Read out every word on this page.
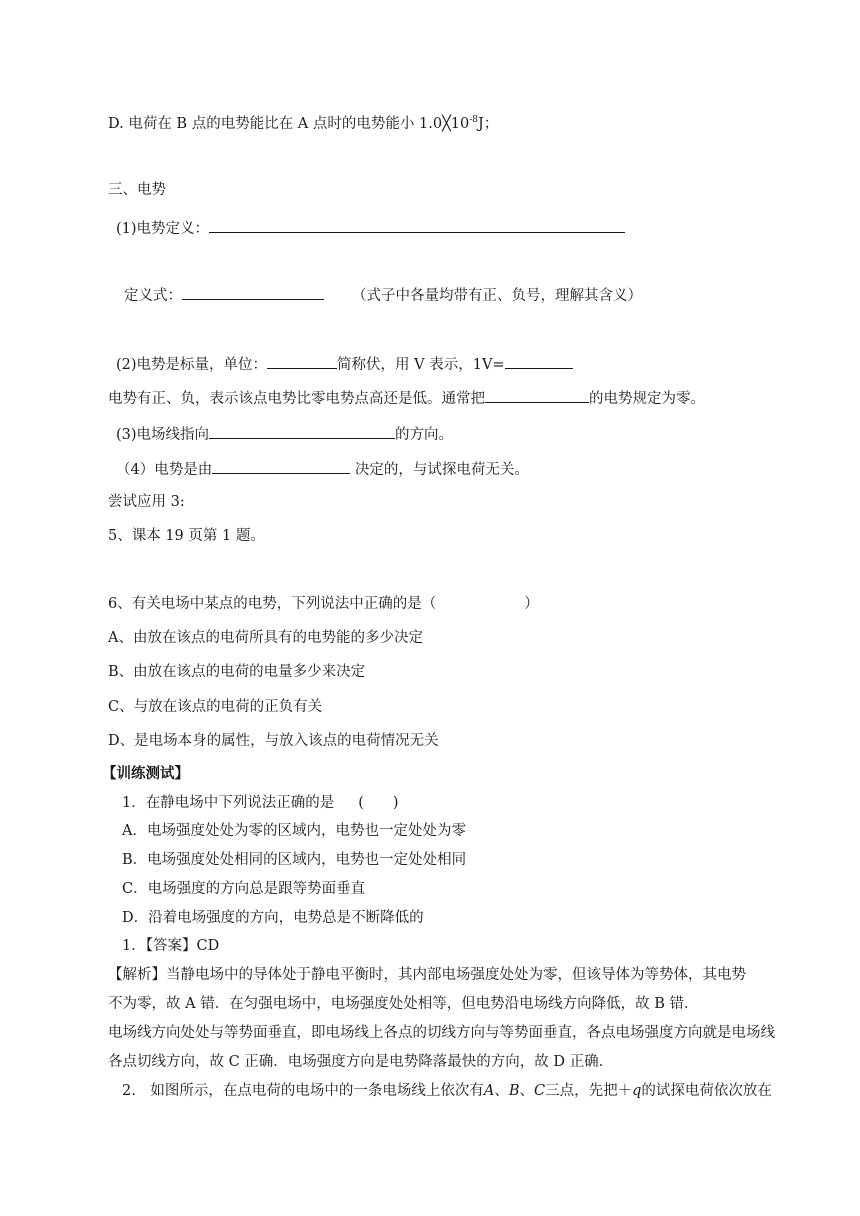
D. 电荷在 B 点的电势能比在 A 点时的电势能小 $1.0╳10^{-8}J$；
三、电势
(1)电势定义：
定义式：	（式子中各量均带有正、负号，理解其含义）
(2)电势是标量，单位：	简称伏，用 V 表示，1V=
电势有正、负，表示该点电势比零电势点高还是低。通常把	的电势规定为零。
(3)电场线指向	的方向。
（4）电势是由	决定的，与试探电荷无关。
尝试应用 3:
5、课本 19 页第 1 题。
6、有关电场中某点的电势，下列说法中正确的是（	）
A、由放在该点的电荷所具有的电势能的多少决定
B、由放在该点的电荷的电量多少来决定
C、与放在该点的电荷的正负有关
D、是电场本身的属性，与放入该点的电荷情况无关
【训练测试】
1．在静电场中下列说法正确的是 (　　)
A．电场强度处处为零的区域内，电势也一定处处为零
B．电场强度处处相同的区域内，电势也一定处处相同
C．电场强度的方向总是跟等势面垂直
D．沿着电场强度的方向，电势总是不断降低的
1．【答案】CD
【解析】当静电场中的导体处于静电平衡时，其内部电场强度处处为零，但该导体为等势体，其电势
不为零，故 A 错．在匀强电场中，电场强度处处相等，但电势沿电场线方向降低，故 B 错．
电场线方向处处与等势面垂直，即电场线上各点的切线方向与等势面垂直，各点电场强度方向就是电场线
各点切线方向，故 C 正确．电场强度方向是电势降落最快的方向，故 D 正确．
2.　如图所示，在点电荷的电场中的一条电场线上依次有A、B、C三点，先把＋q的试探电荷依次放在
